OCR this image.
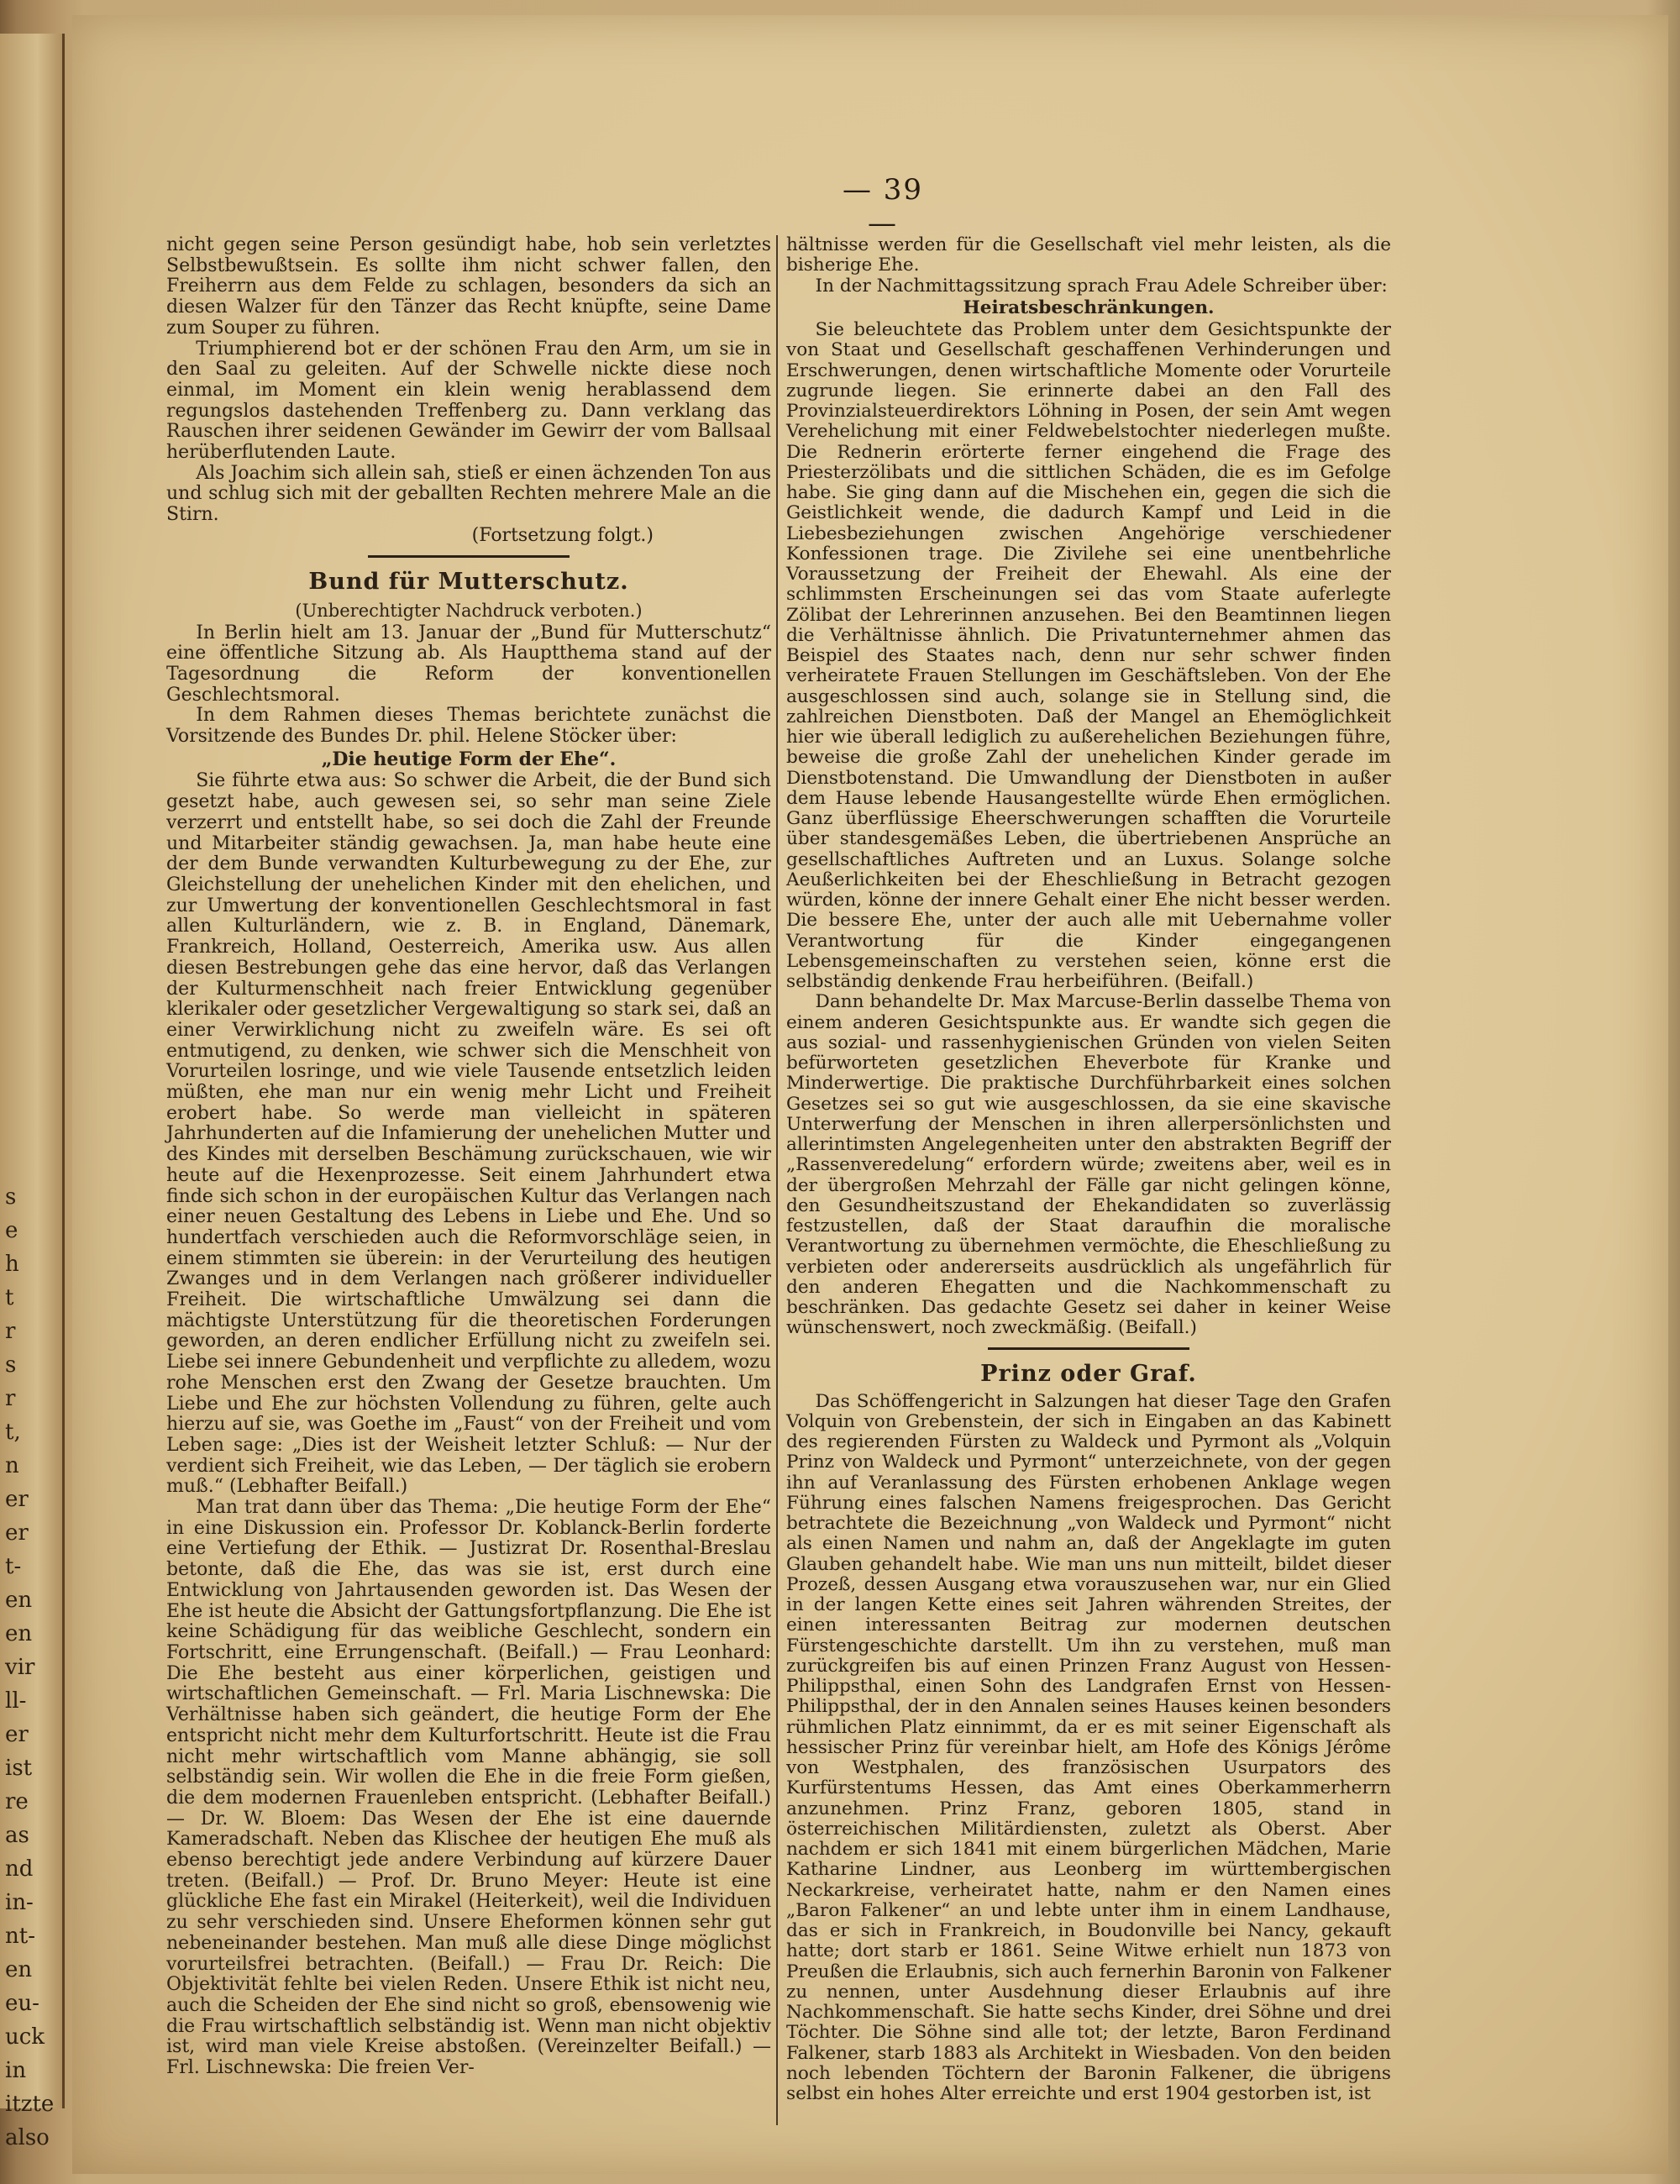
s
e
h
t
r
s
r
t,
n
er
er
t-
en
en
vir
ll-
er
ist
re
as
nd
in-
nt-
en
eu-
uck
in
itzte
also
— 39 —

nicht gegen seine Person gesündigt habe, hob sein verletztes Selbstbewußtsein. Es sollte ihm nicht schwer fallen, den Freiherrn aus dem Felde zu schlagen, besonders da sich an diesen Walzer für den Tänzer das Recht knüpfte, seine Dame zum Souper zu führen.

Triumphierend bot er der schönen Frau den Arm, um sie in den Saal zu geleiten. Auf der Schwelle nickte diese noch einmal, im Moment ein klein wenig herablassend dem regungslos dastehenden Treffenberg zu. Dann verklang das Rauschen ihrer seidenen Gewänder im Gewirr der vom Ballsaal herüberflutenden Laute.

Als Joachim sich allein sah, stieß er einen ächzenden Ton aus und schlug sich mit der geballten Rechten mehrere Male an die Stirn.

(Fortsetzung folgt.)

Bund für Mutterschutz.
(Unberechtigter Nachdruck verboten.)

In Berlin hielt am 13. Januar der „Bund für Mutterschutz“ eine öffentliche Sitzung ab. Als Hauptthema stand auf der Tagesordnung die Reform der konventionellen Geschlechtsmoral.

In dem Rahmen dieses Themas berichtete zunächst die Vorsitzende des Bundes Dr. phil. Helene Stöcker über:

„Die heutige Form der Ehe“.

Sie führte etwa aus: So schwer die Arbeit, die der Bund sich gesetzt habe, auch gewesen sei, so sehr man seine Ziele verzerrt und entstellt habe, so sei doch die Zahl der Freunde und Mitarbeiter ständig gewachsen. Ja, man habe heute eine der dem Bunde verwandten Kulturbewegung zu der Ehe, zur Gleichstellung der unehelichen Kinder mit den ehelichen, und zur Umwertung der konventionellen Geschlechtsmoral in fast allen Kulturländern, wie z. B. in England, Dänemark, Frankreich, Holland, Oesterreich, Amerika usw. Aus allen diesen Bestrebungen gehe das eine hervor, daß das Verlangen der Kulturmenschheit nach freier Entwicklung gegenüber klerikaler oder gesetzlicher Vergewaltigung so stark sei, daß an einer Verwirklichung nicht zu zweifeln wäre. Es sei oft entmutigend, zu denken, wie schwer sich die Menschheit von Vorurteilen losringe, und wie viele Tausende entsetzlich leiden müßten, ehe man nur ein wenig mehr Licht und Freiheit erobert habe. So werde man vielleicht in späteren Jahrhunderten auf die Infamierung der unehelichen Mutter und des Kindes mit derselben Beschämung zurückschauen, wie wir heute auf die Hexenprozesse. Seit einem Jahrhundert etwa finde sich schon in der europäischen Kultur das Verlangen nach einer neuen Gestaltung des Lebens in Liebe und Ehe. Und so hundertfach verschieden auch die Reformvorschläge seien, in einem stimmten sie überein: in der Verurteilung des heutigen Zwanges und in dem Verlangen nach größerer individueller Freiheit. Die wirtschaftliche Umwälzung sei dann die mächtigste Unterstützung für die theoretischen Forderungen geworden, an deren endlicher Erfüllung nicht zu zweifeln sei. Liebe sei innere Gebundenheit und verpflichte zu alledem, wozu rohe Menschen erst den Zwang der Gesetze brauchten. Um Liebe und Ehe zur höchsten Vollendung zu führen, gelte auch hierzu auf sie, was Goethe im „Faust“ von der Freiheit und vom Leben sage: „Dies ist der Weisheit letzter Schluß: — Nur der verdient sich Freiheit, wie das Leben, — Der täglich sie erobern muß.“ (Lebhafter Beifall.)

Man trat dann über das Thema: „Die heutige Form der Ehe“ in eine Diskussion ein. Professor Dr. Koblanck-Berlin forderte eine Vertiefung der Ethik. — Justizrat Dr. Rosenthal-Breslau betonte, daß die Ehe, das was sie ist, erst durch eine Entwicklung von Jahrtausenden geworden ist. Das Wesen der Ehe ist heute die Absicht der Gattungsfortpflanzung. Die Ehe ist keine Schädigung für das weibliche Geschlecht, sondern ein Fortschritt, eine Errungenschaft. (Beifall.) — Frau Leonhard: Die Ehe besteht aus einer körperlichen, geistigen und wirtschaftlichen Gemeinschaft. — Frl. Maria Lischnewska: Die Verhältnisse haben sich geändert, die heutige Form der Ehe entspricht nicht mehr dem Kulturfortschritt. Heute ist die Frau nicht mehr wirtschaftlich vom Manne abhängig, sie soll selbständig sein. Wir wollen die Ehe in die freie Form gießen, die dem modernen Frauenleben entspricht. (Lebhafter Beifall.) — Dr. W. Bloem: Das Wesen der Ehe ist eine dauernde Kameradschaft. Neben das Klischee der heutigen Ehe muß als ebenso berechtigt jede andere Verbindung auf kürzere Dauer treten. (Beifall.) — Prof. Dr. Bruno Meyer: Heute ist eine glückliche Ehe fast ein Mirakel (Heiterkeit), weil die Individuen zu sehr verschieden sind. Unsere Eheformen können sehr gut nebeneinander bestehen. Man muß alle diese Dinge möglichst vorurteilsfrei betrachten. (Beifall.) — Frau Dr. Reich: Die Objektivität fehlte bei vielen Reden. Unsere Ethik ist nicht neu, auch die Scheiden der Ehe sind nicht so groß, ebensowenig wie die Frau wirtschaftlich selbständig ist. Wenn man nicht objektiv ist, wird man viele Kreise abstoßen. (Vereinzelter Beifall.) — Frl. Lischnewska: Die freien Ver-

hältnisse werden für die Gesellschaft viel mehr leisten, als die bisherige Ehe.

In der Nachmittagssitzung sprach Frau Adele Schreiber über:

Heiratsbeschränkungen.

Sie beleuchtete das Problem unter dem Gesichtspunkte der von Staat und Gesellschaft geschaffenen Verhinderungen und Erschwerungen, denen wirtschaftliche Momente oder Vorurteile zugrunde liegen. Sie erinnerte dabei an den Fall des Provinzialsteuerdirektors Löhning in Posen, der sein Amt wegen Verehelichung mit einer Feldwebelstochter niederlegen mußte. Die Rednerin erörterte ferner eingehend die Frage des Priesterzölibats und die sittlichen Schäden, die es im Gefolge habe. Sie ging dann auf die Mischehen ein, gegen die sich die Geistlichkeit wende, die dadurch Kampf und Leid in die Liebesbeziehungen zwischen Angehörige verschiedener Konfessionen trage. Die Zivilehe sei eine unentbehrliche Voraussetzung der Freiheit der Ehewahl. Als eine der schlimmsten Erscheinungen sei das vom Staate auferlegte Zölibat der Lehrerinnen anzusehen. Bei den Beamtinnen liegen die Verhältnisse ähnlich. Die Privatunternehmer ahmen das Beispiel des Staates nach, denn nur sehr schwer finden verheiratete Frauen Stellungen im Geschäftsleben. Von der Ehe ausgeschlossen sind auch, solange sie in Stellung sind, die zahlreichen Dienstboten. Daß der Mangel an Ehemöglichkeit hier wie überall lediglich zu außerehelichen Beziehungen führe, beweise die große Zahl der unehelichen Kinder gerade im Dienstbotenstand. Die Umwandlung der Dienstboten in außer dem Hause lebende Hausangestellte würde Ehen ermöglichen. Ganz überflüssige Eheerschwerungen schafften die Vorurteile über standesgemäßes Leben, die übertriebenen Ansprüche an gesellschaftliches Auftreten und an Luxus. Solange solche Aeußerlichkeiten bei der Eheschließung in Betracht gezogen würden, könne der innere Gehalt einer Ehe nicht besser werden. Die bessere Ehe, unter der auch alle mit Uebernahme voller Verantwortung für die Kinder eingegangenen Lebensgemeinschaften zu verstehen seien, könne erst die selbständig denkende Frau herbeiführen. (Beifall.)

Dann behandelte Dr. Max Marcuse-Berlin dasselbe Thema von einem anderen Gesichtspunkte aus. Er wandte sich gegen die aus sozial- und rassenhygienischen Gründen von vielen Seiten befürworteten gesetzlichen Eheverbote für Kranke und Minderwertige. Die praktische Durchführbarkeit eines solchen Gesetzes sei so gut wie ausgeschlossen, da sie eine skavische Unterwerfung der Menschen in ihren allerpersönlichsten und allerintimsten Angelegenheiten unter den abstrakten Begriff der „Rassenveredelung“ erfordern würde; zweitens aber, weil es in der übergroßen Mehrzahl der Fälle gar nicht gelingen könne, den Gesundheitszustand der Ehekandidaten so zuverlässig festzustellen, daß der Staat daraufhin die moralische Verantwortung zu übernehmen vermöchte, die Eheschließung zu verbieten oder andererseits ausdrücklich als ungefährlich für den anderen Ehegatten und die Nachkommenschaft zu beschränken. Das gedachte Gesetz sei daher in keiner Weise wünschenswert, noch zweckmäßig. (Beifall.)

Prinz oder Graf.

Das Schöffengericht in Salzungen hat dieser Tage den Grafen Volquin von Grebenstein, der sich in Eingaben an das Kabinett des regierenden Fürsten zu Waldeck und Pyrmont als „Volquin Prinz von Waldeck und Pyrmont“ unterzeichnete, von der gegen ihn auf Veranlassung des Fürsten erhobenen Anklage wegen Führung eines falschen Namens freigesprochen. Das Gericht betrachtete die Bezeichnung „von Waldeck und Pyrmont“ nicht als einen Namen und nahm an, daß der Angeklagte im guten Glauben gehandelt habe. Wie man uns nun mitteilt, bildet dieser Prozeß, dessen Ausgang etwa vorauszusehen war, nur ein Glied in der langen Kette eines seit Jahren währenden Streites, der einen interessanten Beitrag zur modernen deutschen Fürstengeschichte darstellt. Um ihn zu verstehen, muß man zurückgreifen bis auf einen Prinzen Franz August von Hessen-Philippsthal, einen Sohn des Landgrafen Ernst von Hessen-Philippsthal, der in den Annalen seines Hauses keinen besonders rühmlichen Platz einnimmt, da er es mit seiner Eigenschaft als hessischer Prinz für vereinbar hielt, am Hofe des Königs Jérôme von Westphalen, des französischen Usurpators des Kurfürstentums Hessen, das Amt eines Oberkammerherrn anzunehmen. Prinz Franz, geboren 1805, stand in österreichischen Militärdiensten, zuletzt als Oberst. Aber nachdem er sich 1841 mit einem bürgerlichen Mädchen, Marie Katharine Lindner, aus Leonberg im württembergischen Neckarkreise, verheiratet hatte, nahm er den Namen eines „Baron Falkener“ an und lebte unter ihm in einem Landhause, das er sich in Frankreich, in Boudonville bei Nancy, gekauft hatte; dort starb er 1861. Seine Witwe erhielt nun 1873 von Preußen die Erlaubnis, sich auch fernerhin Baronin von Falkener zu nennen, unter Ausdehnung dieser Erlaubnis auf ihre Nachkommenschaft. Sie hatte sechs Kinder, drei Söhne und drei Töchter. Die Söhne sind alle tot; der letzte, Baron Ferdinand Falkener, starb 1883 als Architekt in Wiesbaden. Von den beiden noch lebenden Töchtern der Baronin Falkener, die übrigens selbst ein hohes Alter erreichte und erst 1904 gestorben ist, ist
